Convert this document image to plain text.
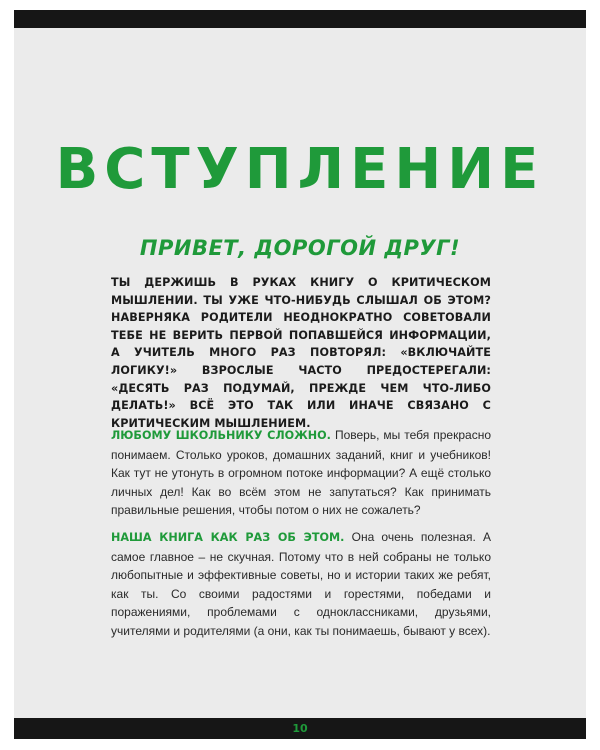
ВСТУПЛЕНИЕ
ПРИВЕТ, ДОРОГОЙ ДРУГ!
ТЫ ДЕРЖИШЬ В РУКАХ КНИГУ О КРИТИЧЕСКОМ МЫШЛЕНИИ. ТЫ УЖЕ ЧТО-НИБУДЬ СЛЫШАЛ ОБ ЭТОМ? НАВЕРНЯКА РОДИТЕЛИ НЕОДНОКРАТНО СОВЕТОВАЛИ ТЕБЕ НЕ ВЕРИТЬ ПЕРВОЙ ПОПАВШЕЙСЯ ИНФОРМАЦИИ, А УЧИТЕЛЬ МНОГО РАЗ ПОВТОРЯЛ: «ВКЛЮЧАЙТЕ ЛОГИКУ!» ВЗРОСЛЫЕ ЧАСТО ПРЕДОСТЕРЕГАЛИ: «ДЕСЯТЬ РАЗ ПОДУМАЙ, ПРЕЖДЕ ЧЕМ ЧТО-ЛИБО ДЕЛАТЬ!» ВСЁ ЭТО ТАК ИЛИ ИНАЧЕ СВЯЗАНО С КРИТИЧЕСКИМ МЫШЛЕНИЕМ.
ЛЮБОМУ ШКОЛЬНИКУ СЛОЖНО. Поверь, мы тебя прекрасно понимаем. Столько уроков, домашних заданий, книг и учебников! Как тут не утонуть в огромном потоке информации? А ещё столько личных дел! Как во всём этом не запутаться? Как принимать правильные решения, чтобы потом о них не сожалеть?
НАША КНИГА КАК РАЗ ОБ ЭТОМ. Она очень полезная. А самое главное – не скучная. Потому что в ней собраны не только любопытные и эффективные советы, но и истории таких же ребят, как ты. Со своими радостями и горестями, победами и поражениями, проблемами с одноклассниками, друзьями, учителями и родителями (а они, как ты понимаешь, бывают у всех).
10
